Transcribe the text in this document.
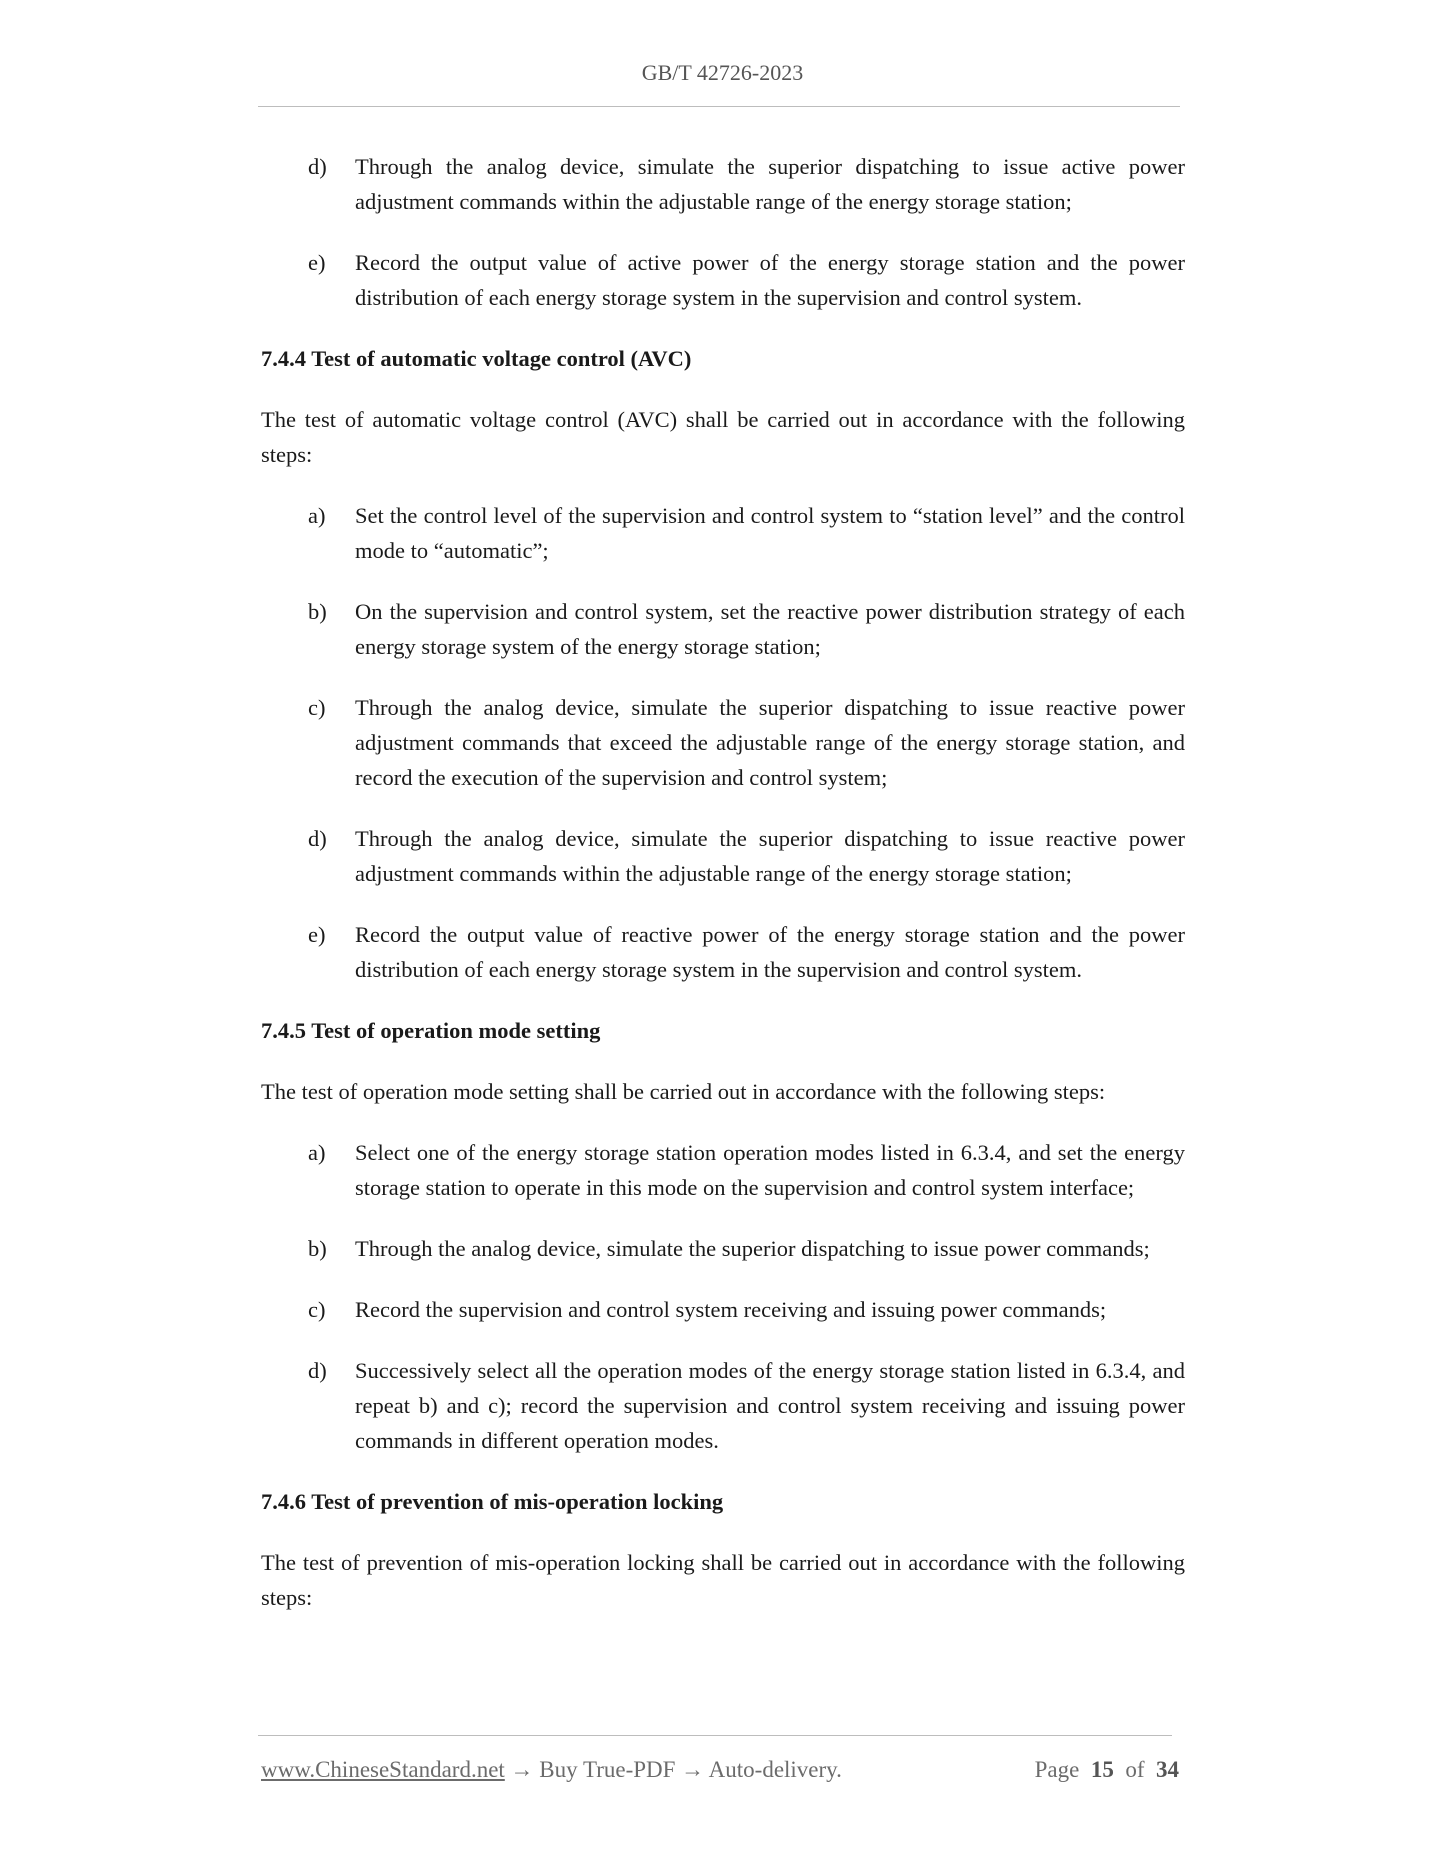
GB/T 42726-2023
d)	Through the analog device, simulate the superior dispatching to issue active power adjustment commands within the adjustable range of the energy storage station;
e)	Record the output value of active power of the energy storage station and the power distribution of each energy storage system in the supervision and control system.
7.4.4 Test of automatic voltage control (AVC)
The test of automatic voltage control (AVC) shall be carried out in accordance with the following steps:
a)	Set the control level of the supervision and control system to “station level” and the control mode to “automatic”;
b)	On the supervision and control system, set the reactive power distribution strategy of each energy storage system of the energy storage station;
c)	Through the analog device, simulate the superior dispatching to issue reactive power adjustment commands that exceed the adjustable range of the energy storage station, and record the execution of the supervision and control system;
d)	Through the analog device, simulate the superior dispatching to issue reactive power adjustment commands within the adjustable range of the energy storage station;
e)	Record the output value of reactive power of the energy storage station and the power distribution of each energy storage system in the supervision and control system.
7.4.5 Test of operation mode setting
The test of operation mode setting shall be carried out in accordance with the following steps:
a)	Select one of the energy storage station operation modes listed in 6.3.4, and set the energy storage station to operate in this mode on the supervision and control system interface;
b)	Through the analog device, simulate the superior dispatching to issue power commands;
c)	Record the supervision and control system receiving and issuing power commands;
d)	Successively select all the operation modes of the energy storage station listed in 6.3.4, and repeat b) and c); record the supervision and control system receiving and issuing power commands in different operation modes.
7.4.6 Test of prevention of mis-operation locking
The test of prevention of mis-operation locking shall be carried out in accordance with the following steps:
www.ChineseStandard.net → Buy True-PDF → Auto-delivery.	Page 15 of 34
